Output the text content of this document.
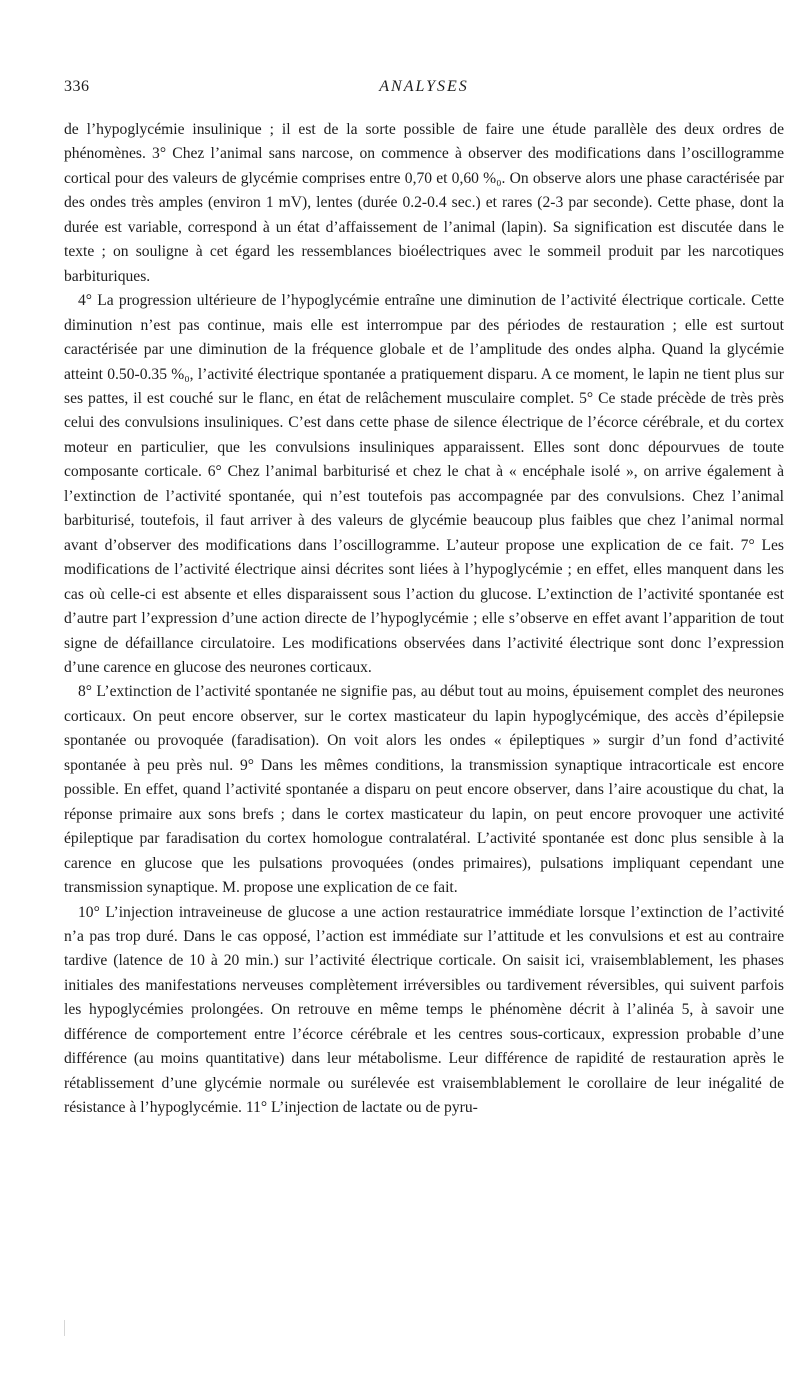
336	ANALYSES

de l’hypoglycémie insulinique ; il est de la sorte possible de faire une étude parallèle des deux ordres de phénomènes. 3° Chez l’animal sans narcose, on commence à observer des modifications dans l’oscillogramme cortical pour des valeurs de glycémie comprises entre 0,70 et 0,60 %₀. On observe alors une phase caractérisée par des ondes très amples (environ 1 mV), lentes (durée 0.2-0.4 sec.) et rares (2-3 par seconde). Cette phase, dont la durée est variable, correspond à un état d’affaissement de l’animal (lapin). Sa signification est discutée dans le texte ; on souligne à cet égard les ressemblances bioélectriques avec le sommeil produit par les narcotiques barbituriques.

4° La progression ultérieure de l’hypoglycémie entraîne une diminution de l’activité électrique corticale. Cette diminution n’est pas continue, mais elle est interrompue par des périodes de restauration ; elle est surtout caractérisée par une diminution de la fréquence globale et de l’amplitude des ondes alpha. Quand la glycémie atteint 0.50-0.35 %₀, l’activité électrique spontanée a pratiquement disparu. A ce moment, le lapin ne tient plus sur ses pattes, il est couché sur le flanc, en état de relâchement musculaire complet. 5° Ce stade précède de très près celui des convulsions insuliniques. C’est dans cette phase de silence électrique de l’écorce cérébrale, et du cortex moteur en particulier, que les convulsions insuliniques apparaissent. Elles sont donc dépourvues de toute composante corticale. 6° Chez l’animal barbiturisé et chez le chat à « encéphale isolé », on arrive également à l’extinction de l’activité spontanée, qui n’est toutefois pas accompagnée par des convulsions. Chez l’animal barbiturisé, toutefois, il faut arriver à des valeurs de glycémie beaucoup plus faibles que chez l’animal normal avant d’observer des modifications dans l’oscillogramme. L’auteur propose une explication de ce fait. 7° Les modifications de l’activité électrique ainsi décrites sont liées à l’hypoglycémie ; en effet, elles manquent dans les cas où celle-ci est absente et elles disparaissent sous l’action du glucose. L’extinction de l’activité spontanée est d’autre part l’expression d’une action directe de l’hypoglycémie ; elle s’observe en effet avant l’apparition de tout signe de défaillance circulatoire. Les modifications observées dans l’activité électrique sont donc l’expression d’une carence en glucose des neurones corticaux.

8° L’extinction de l’activité spontanée ne signifie pas, au début tout au moins, épuisement complet des neurones corticaux. On peut encore observer, sur le cortex masticateur du lapin hypoglycémique, des accès d’épilepsie spontanée ou provoquée (faradisation). On voit alors les ondes « épileptiques » surgir d’un fond d’activité spontanée à peu près nul. 9° Dans les mêmes conditions, la transmission synaptique intracorticale est encore possible. En effet, quand l’activité spontanée a disparu on peut encore observer, dans l’aire acoustique du chat, la réponse primaire aux sons brefs ; dans le cortex masticateur du lapin, on peut encore provoquer une activité épileptique par faradisation du cortex homologue contralatéral. L’activité spontanée est donc plus sensible à la carence en glucose que les pulsations provoquées (ondes primaires), pulsations impliquant cependant une transmission synaptique. M. propose une explication de ce fait.

10° L’injection intraveineuse de glucose a une action restauratrice immédiate lorsque l’extinction de l’activité n’a pas trop duré. Dans le cas opposé, l’action est immédiate sur l’attitude et les convulsions et est au contraire tardive (latence de 10 à 20 min.) sur l’activité électrique corticale. On saisit ici, vraisemblablement, les phases initiales des manifestations nerveuses complètement irréversibles ou tardivement réversibles, qui suivent parfois les hypoglycémies prolongées. On retrouve en même temps le phénomène décrit à l’alinéa 5, à savoir une différence de comportement entre l’écorce cérébrale et les centres sous-corticaux, expression probable d’une différence (au moins quantitative) dans leur métabolisme. Leur différence de rapidité de restauration après le rétablissement d’une glycémie normale ou surélevée est vraisemblablement le corollaire de leur inégalité de résistance à l’hypoglycémie. 11° L’injection de lactate ou de pyru-
